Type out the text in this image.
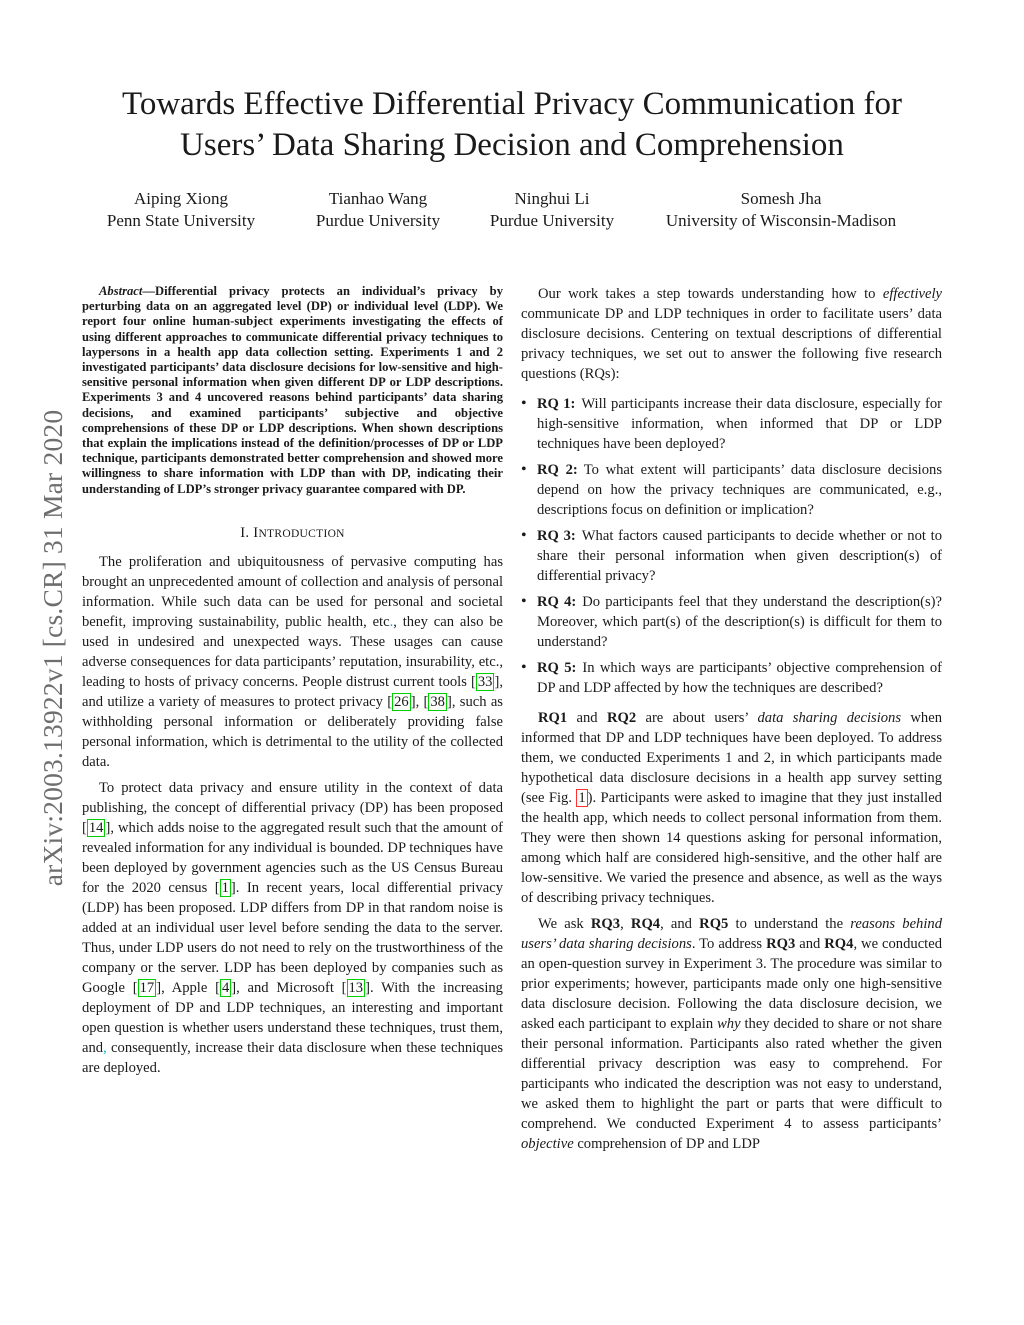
arXiv:2003.13922v1 [cs.CR] 31 Mar 2020
Towards Effective Differential Privacy Communication for
Users’ Data Sharing Decision and Comprehension
Aiping Xiong
Penn State University
Tianhao Wang
Purdue University
Ninghui Li
Purdue University
Somesh Jha
University of Wisconsin-Madison

Abstract—Differential privacy protects an individual’s privacy by perturbing data on an aggregated level (DP) or individual level (LDP). We report four online human-subject experiments investigating the effects of using different approaches to communicate differential privacy techniques to laypersons in a health app data collection setting. Experiments 1 and 2 investigated participants’ data disclosure decisions for low-sensitive and high-sensitive personal information when given different DP or LDP descriptions. Experiments 3 and 4 uncovered reasons behind participants’ data sharing decisions, and examined participants’ subjective and objective comprehensions of these DP or LDP descriptions. When shown descriptions that explain the implications instead of the definition/processes of DP or LDP technique, participants demonstrated better comprehension and showed more willingness to share information with LDP than with DP, indicating their understanding of LDP’s stronger privacy guarantee compared with DP.

I. INTRODUCTION

The proliferation and ubiquitousness of pervasive computing has brought an unprecedented amount of collection and analysis of personal information. While such data can be used for personal and societal benefit, improving sustainability, public health, etc., they can also be used in undesired and unexpected ways. These usages can cause adverse consequences for data participants’ reputation, insurability, etc., leading to hosts of privacy concerns. People distrust current tools [ 33 ], and utilize a variety of measures to protect privacy [ 26 ], [ 38 ], such as withholding personal information or deliberately providing false personal information, which is detrimental to the utility of the collected data.

To protect data privacy and ensure utility in the context of data publishing, the concept of differential privacy (DP) has been proposed [ 14 ], which adds noise to the aggregated result such that the amount of revealed information for any individual is bounded. DP techniques have been deployed by government agencies such as the US Census Bureau for the 2020 census [ 1 ]. In recent years, local differential privacy (LDP) has been proposed. LDP differs from DP in that random noise is added at an individual user level before sending the data to the server. Thus, under LDP users do not need to rely on the trustworthiness of the company or the server. LDP has been deployed by companies such as Google [ 17 ], Apple [ 4 ], and Microsoft [ 13 ]. With the increasing deployment of DP and LDP techniques, an interesting and important open question is whether users understand these techniques, trust them, and, consequently, increase their data disclosure when these techniques are deployed.

Our work takes a step towards understanding how to effectively communicate DP and LDP techniques in order to facilitate users’ data disclosure decisions. Centering on textual descriptions of differential privacy techniques, we set out to answer the following five research questions (RQs):

• RQ 1: Will participants increase their data disclosure, especially for high-sensitive information, when informed that DP or LDP techniques have been deployed?
• RQ 2: To what extent will participants’ data disclosure decisions depend on how the privacy techniques are communicated, e.g., descriptions focus on definition or implication?
• RQ 3: What factors caused participants to decide whether or not to share their personal information when given description(s) of differential privacy?
• RQ 4: Do participants feel that they understand the description(s)? Moreover, which part(s) of the description(s) is difficult for them to understand?
• RQ 5: In which ways are participants’ objective comprehension of DP and LDP affected by how the techniques are described?

RQ1 and RQ2 are about users’ data sharing decisions when informed that DP and LDP techniques have been deployed. To address them, we conducted Experiments 1 and 2, in which participants made hypothetical data disclosure decisions in a health app survey setting (see Fig. 1 ). Participants were asked to imagine that they just installed the health app, which needs to collect personal information from them. They were then shown 14 questions asking for personal information, among which half are considered high-sensitive, and the other half are low-sensitive. We varied the presence and absence, as well as the ways of describing privacy techniques.

We ask RQ3, RQ4, and RQ5 to understand the reasons behind users’ data sharing decisions. To address RQ3 and RQ4, we conducted an open-question survey in Experiment 3. The procedure was similar to prior experiments; however, participants made only one high-sensitive data disclosure decision. Following the data disclosure decision, we asked each participant to explain why they decided to share or not share their personal information. Participants also rated whether the given differential privacy description was easy to comprehend. For participants who indicated the description was not easy to understand, we asked them to highlight the part or parts that were difficult to comprehend. We conducted Experiment 4 to assess participants’ objective comprehension of DP and LDP
